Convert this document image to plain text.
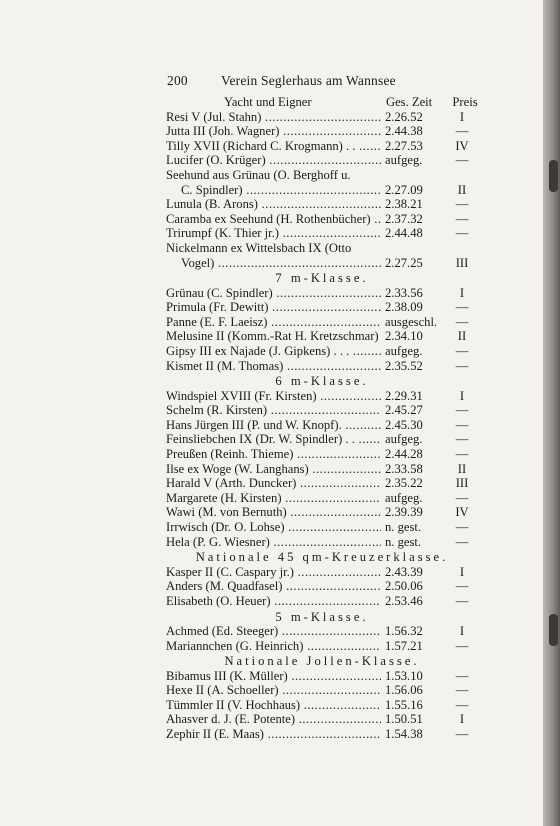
200 Verein Seglerhaus am Wannsee
Yacht und Eigner	Ges. Zeit	Preis
Resi V (Jul. Stahn) .....	2.26.52	I
Jutta III (Joh. Wagner) .....	2.44.38	—
Tilly XVII (Richard C. Krogmann) . . .....	2.27.53	IV
Lucifer (O. Krüger) .....	aufgeg.	—
Seehund aus Grünau (O. Berghoff u.
C. Spindler) .....	2.27.09	II
Lunula (B. Arons) .....	2.38.21	—
Caramba ex Seehund (H. Rothenbücher) .....	2.37.32	—
Trirumpf (K. Thier jr.) .....	2.44.48	—
Nickelmann ex Wittelsbach IX (Otto
Vogel) .....	2.27.25	III
7 m-Klasse.
Grünau (C. Spindler) .....	2.33.56	I
Primula (Fr. Dewitt) .....	2.38.09	—
Panne (E. F. Laeisz) .....	ausgeschl.	—
Melusine II (Komm.-Rat H. Kretzschmar) ..... 2.34.10	II
Gipsy III ex Najade (J. Gipkens) . . . .....	aufgeg.	—
Kismet II (M. Thomas) .....	2.35.52	—
6 m-Klasse.
Windspiel XVIII (Fr. Kirsten) .....	2.29.31	I
Schelm (R. Kirsten) .....	2.45.27	—
Hans Jürgen III (P. und W. Knopf). .....	2.45.30	—
Feinsliebchen IX (Dr. W. Spindler) . . .....	aufgeg.	—
Preußen (Reinh. Thieme) .....	2.44.28	—
Ilse ex Woge (W. Langhans) .....	2.33.58	II
Harald V (Arth. Duncker) .....	2.35.22	III
Margarete (H. Kirsten) .....	aufgeg.	—
Wawi (M. von Bernuth) .....	2.39.39	IV
Irrwisch (Dr. O. Lohse) .....	n. gest.	—
Hela (P. G. Wiesner) .....	n. gest.	—
Nationale 45 qm-Kreuzerklasse.
Kasper II (C. Caspary jr.) .....	2.43.39	I
Anders (M. Quadfasel) .....	2.50.06	—
Elisabeth (O. Heuer) .....	2.53.46	—
5 m-Klasse.
Achmed (Ed. Steeger) .....	1.56.32	I
Mariannchen (G. Heinrich) .....	1.57.21	—
Nationale Jollen-Klasse.
Bibamus III (K. Müller) .....	1.53.10	—
Hexe II (A. Schoeller) .....	1.56.06	—
Tümmler II (V. Hochhaus) .....	1.55.16	—
Ahasver d. J. (E. Potente) .....	1.50.51	I
Zephir II (E. Maas) .....	1.54.38	—
